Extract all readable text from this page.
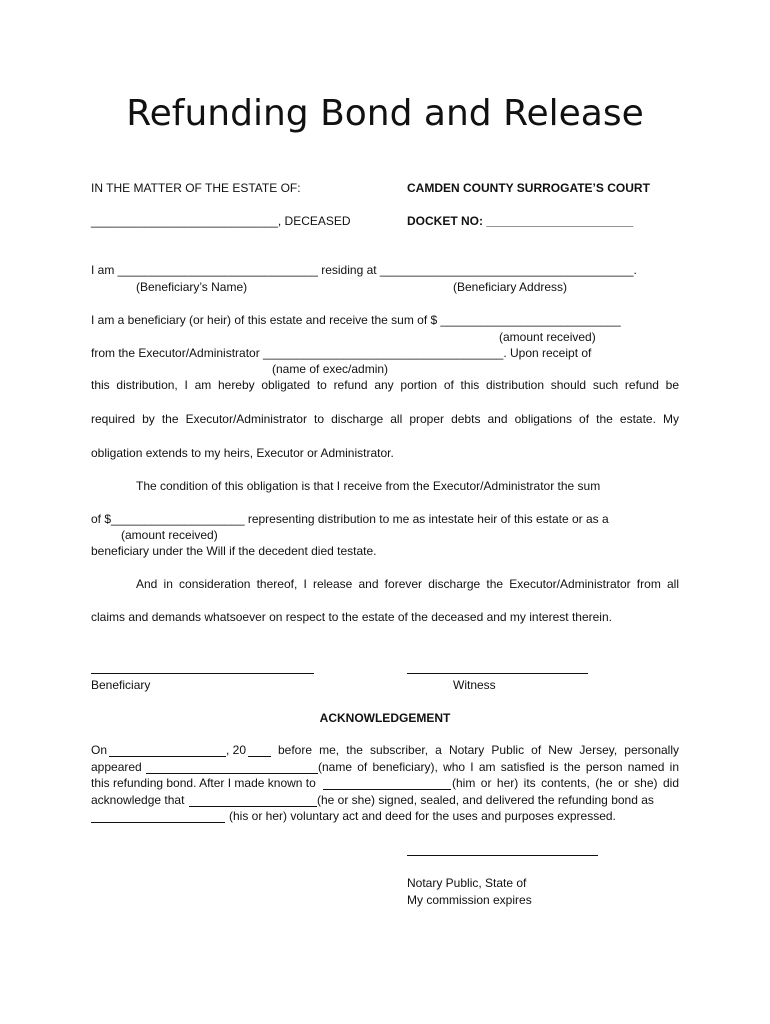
Refunding Bond and Release
IN THE MATTER OF THE ESTATE OF:	CAMDEN COUNTY SURROGATE’S COURT
____________________________, DECEASED	DOCKET NO: ______________________
I am ______________________________ residing at ______________________________________.
(Beneficiary’s Name)	(Beneficiary Address)
I am a beneficiary (or heir) of this estate and receive the sum of $ ___________________________
(amount received)
from the Executor/Administrator ____________________________________. Upon receipt of
(name of exec/admin)
this distribution, I am hereby obligated to refund any portion of this distribution should such refund be
required by the Executor/Administrator to discharge all proper debts and obligations of the estate. My
obligation extends to my heirs, Executor or Administrator.
The condition of this obligation is that I receive from the Executor/Administrator the sum
of $____________________ representing distribution to me as intestate heir of this estate or as a
(amount received)
beneficiary under the Will if the decedent died testate.
And in consideration thereof, I release and forever discharge the Executor/Administrator from all
claims and demands whatsoever on respect to the estate of the deceased and my interest therein.
Beneficiary	Witness
ACKNOWLEDGEMENT
On	, 20	before me, the subscriber, a Notary Public of New Jersey, personally
appeared	(name of beneficiary), who I am satisfied is the person named in
this refunding bond. After I made known to	(him or her) its contents, (he or she) did
acknowledge that	(he or she) signed, sealed, and delivered the refunding bond as
(his or her) voluntary act and deed for the uses and purposes expressed.
Notary Public, State of
My commission expires
